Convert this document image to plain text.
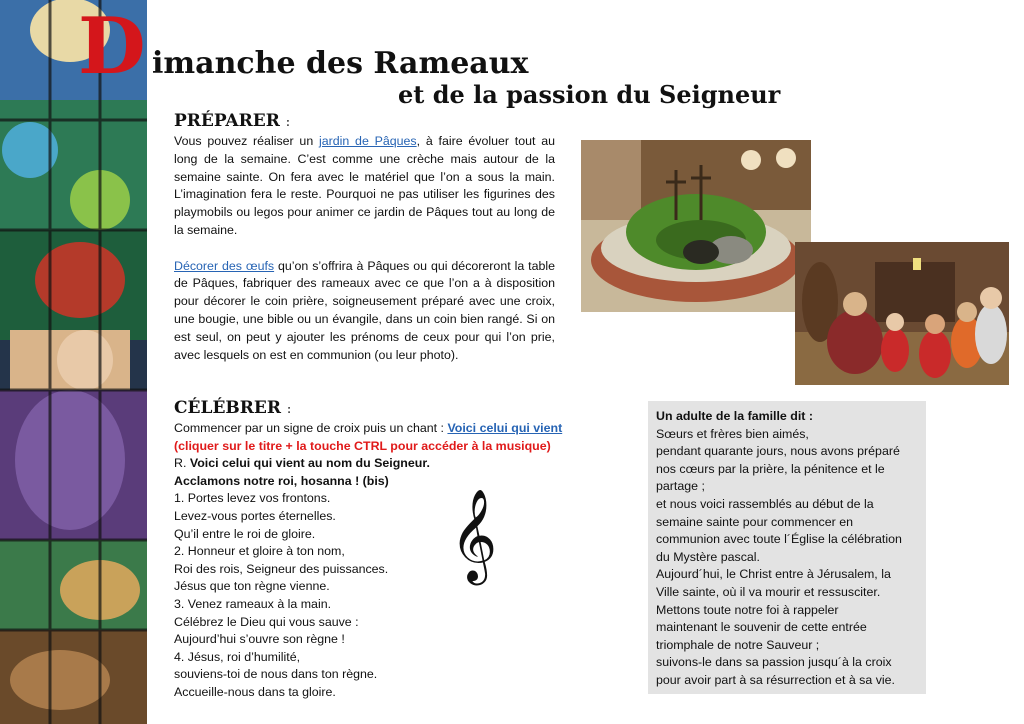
D imanche des Rameaux
et de la passion du Seigneur
PRÉPARER :

Vous pouvez réaliser un jardin de Pâques, à faire évoluer tout au long de la semaine. C’est comme une crèche mais autour de la semaine sainte. On fera avec le matériel que l’on a sous la main. L’imagination fera le reste. Pourquoi ne pas utiliser les figurines des playmobils ou legos pour animer ce jardin de Pâques tout au long de la semaine.

Décorer des œufs qu’on s’offrira à Pâques ou qui décoreront la table de Pâques, fabriquer des rameaux avec ce que l’on a à disposition pour décorer le coin prière, soigneusement préparé avec une croix, une bougie, une bible ou un évangile, dans un coin bien rangé. Si on est seul, on peut y ajouter les prénoms de ceux pour qui l’on prie, avec lesquels on est en communion (ou leur photo).

CÉLÉBRER :
Commencer par un signe de croix puis un chant : Voici celui qui vient
(cliquer sur le titre + la touche CTRL pour accéder à la musique)
R. Voici celui qui vient au nom du Seigneur.
Acclamons notre roi, hosanna ! (bis)
1. Portes levez vos frontons.
Levez-vous portes éternelles.
Qu’il entre le roi de gloire.
2. Honneur et gloire à ton nom,
Roi des rois, Seigneur des puissances.
Jésus que ton règne vienne.
3. Venez rameaux à la main.
Célébrez le Dieu qui vous sauve :
Aujourd’hui s’ouvre son règne !
4. Jésus, roi d’humilité,
souviens-toi de nous dans ton règne.
Accueille-nous dans ta gloire.
𝄞
Un adulte de la famille dit :
Sœurs et frères bien aimés,
pendant quarante jours, nous avons préparé
nos cœurs par la prière, la pénitence et le
partage ;
et nous voici rassemblés au début de la
semaine sainte pour commencer en
communion avec toute l´Église la célébration
du Mystère pascal.
Aujourd´hui, le Christ entre à Jérusalem, la
Ville sainte, où il va mourir et ressusciter.
Mettons toute notre foi à rappeler
maintenant le souvenir de cette entrée
triomphale de notre Sauveur ;
suivons-le dans sa passion jusqu´à la croix
pour avoir part à sa résurrection et à sa vie.
